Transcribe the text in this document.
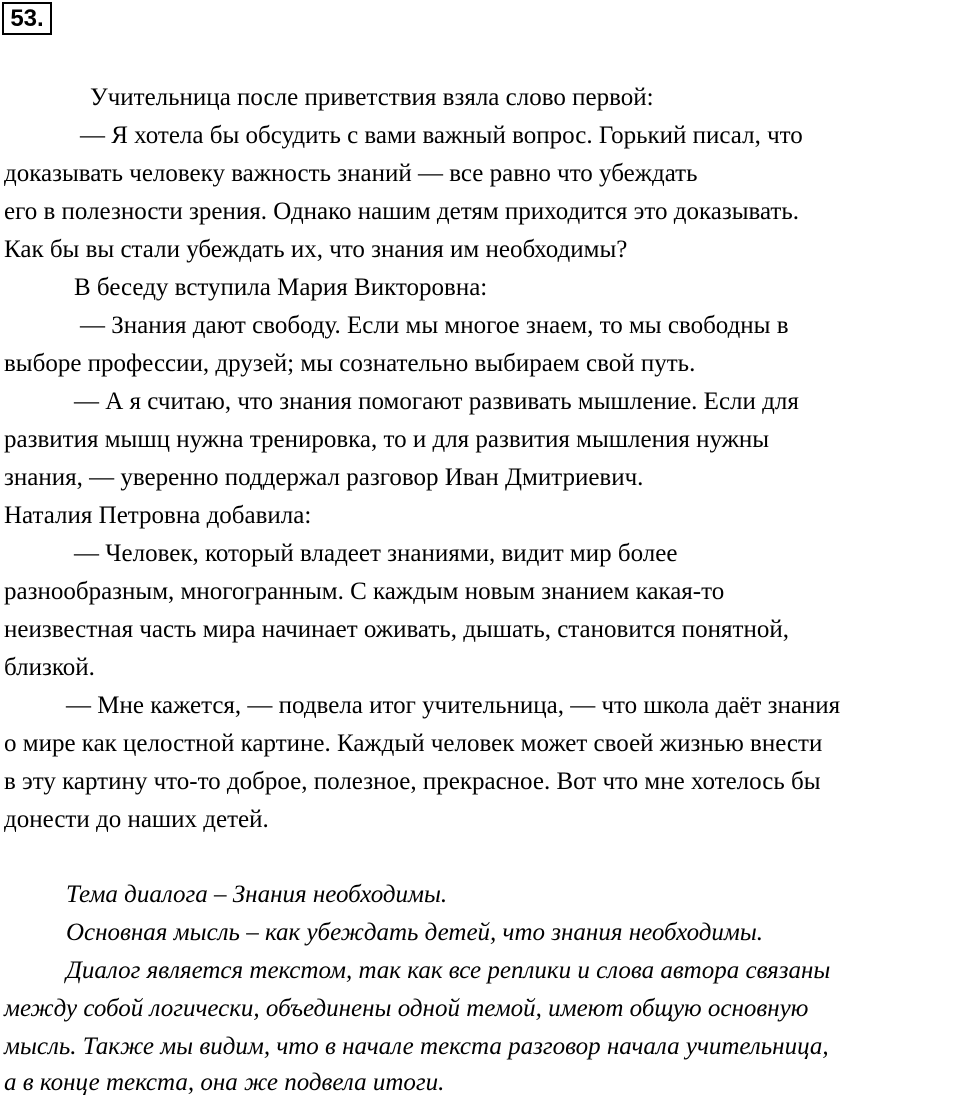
53.
Учительница после приветствия взяла слово первой:
— Я хотела бы обсудить с вами важный вопрос. Горький писал, что
доказывать человеку важность знаний — все равно что убеждать
его в полезности зрения. Однако нашим детям приходится это доказывать.
Как бы вы стали убеждать их, что знания им необходимы?
В беседу вступила Мария Викторовна:
— Знания дают свободу. Если мы многое знаем, то мы свободны в
выборе профессии, друзей; мы сознательно выбираем свой путь.
— А я считаю, что знания помогают развивать мышление. Если для
развития мышц нужна тренировка, то и для развития мышления нужны
знания, — уверенно поддержал разговор Иван Дмитриевич.
Наталия Петровна добавила:
— Человек, который владеет знаниями, видит мир более
разнообразным, многогранным. С каждым новым знанием какая-то
неизвестная часть мира начинает оживать, дышать, становится понятной,
близкой.
— Мне кажется, — подвела итог учительница, — что школа даёт знания
о мире как целостной картине. Каждый человек может своей жизнью внести
в эту картину что-то доброе, полезное, прекрасное. Вот что мне хотелось бы
донести до наших детей.
Тема диалога – Знания необходимы.
Основная мысль – как убеждать детей, что знания необходимы.
Диалог является текстом, так как все реплики и слова автора связаны
между собой логически, объединены одной темой, имеют общую основную
мысль. Также мы видим, что в начале текста разговор начала учительница,
а в конце текста, она же подвела итоги.
